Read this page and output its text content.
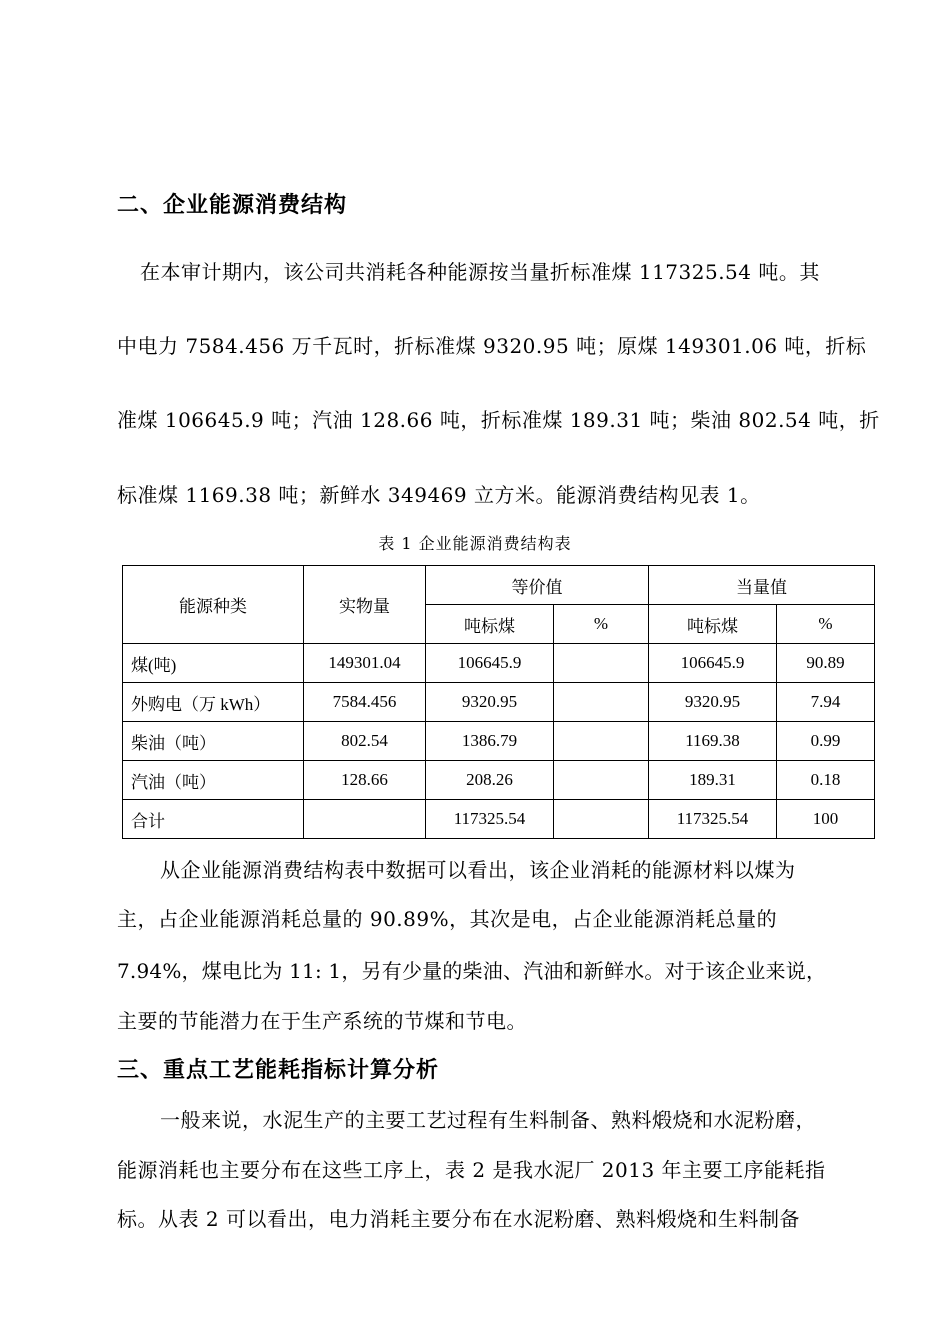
二、企业能源消费结构
在本审计期内，该公司共消耗各种能源按当量折标准煤 117325.54 吨。其
中电力 7584.456 万千瓦时，折标准煤 9320.95 吨；原煤 149301.06 吨，折标
准煤 106645.9 吨；汽油 128.66 吨，折标准煤 189.31 吨；柴油 802.54 吨，折
标准煤 1169.38 吨；新鲜水 349469 立方米。能源消费结构见表 1。
表 1 企业能源消费结构表
能源种类	实物量	等价值		当量值	
		吨标煤	%	吨标煤	%
煤(吨)	149301.04	106645.9		106645.9	90.89
外购电（万 kWh）	7584.456	9320.95		9320.95	7.94
柴油（吨）	802.54	1386.79		1169.38	0.99
汽油（吨）	128.66	208.26		189.31	0.18
合计		117325.54		117325.54	100
从企业能源消费结构表中数据可以看出，该企业消耗的能源材料以煤为
主，占企业能源消耗总量的 90.89%，其次是电，占企业能源消耗总量的
7.94%，煤电比为 11: 1，另有少量的柴油、汽油和新鲜水。对于该企业来说，
主要的节能潜力在于生产系统的节煤和节电。
三、重点工艺能耗指标计算分析
一般来说，水泥生产的主要工艺过程有生料制备、熟料煅烧和水泥粉磨，
能源消耗也主要分布在这些工序上，表 2 是我水泥厂 2013 年主要工序能耗指
标。从表 2 可以看出，电力消耗主要分布在水泥粉磨、熟料煅烧和生料制备
